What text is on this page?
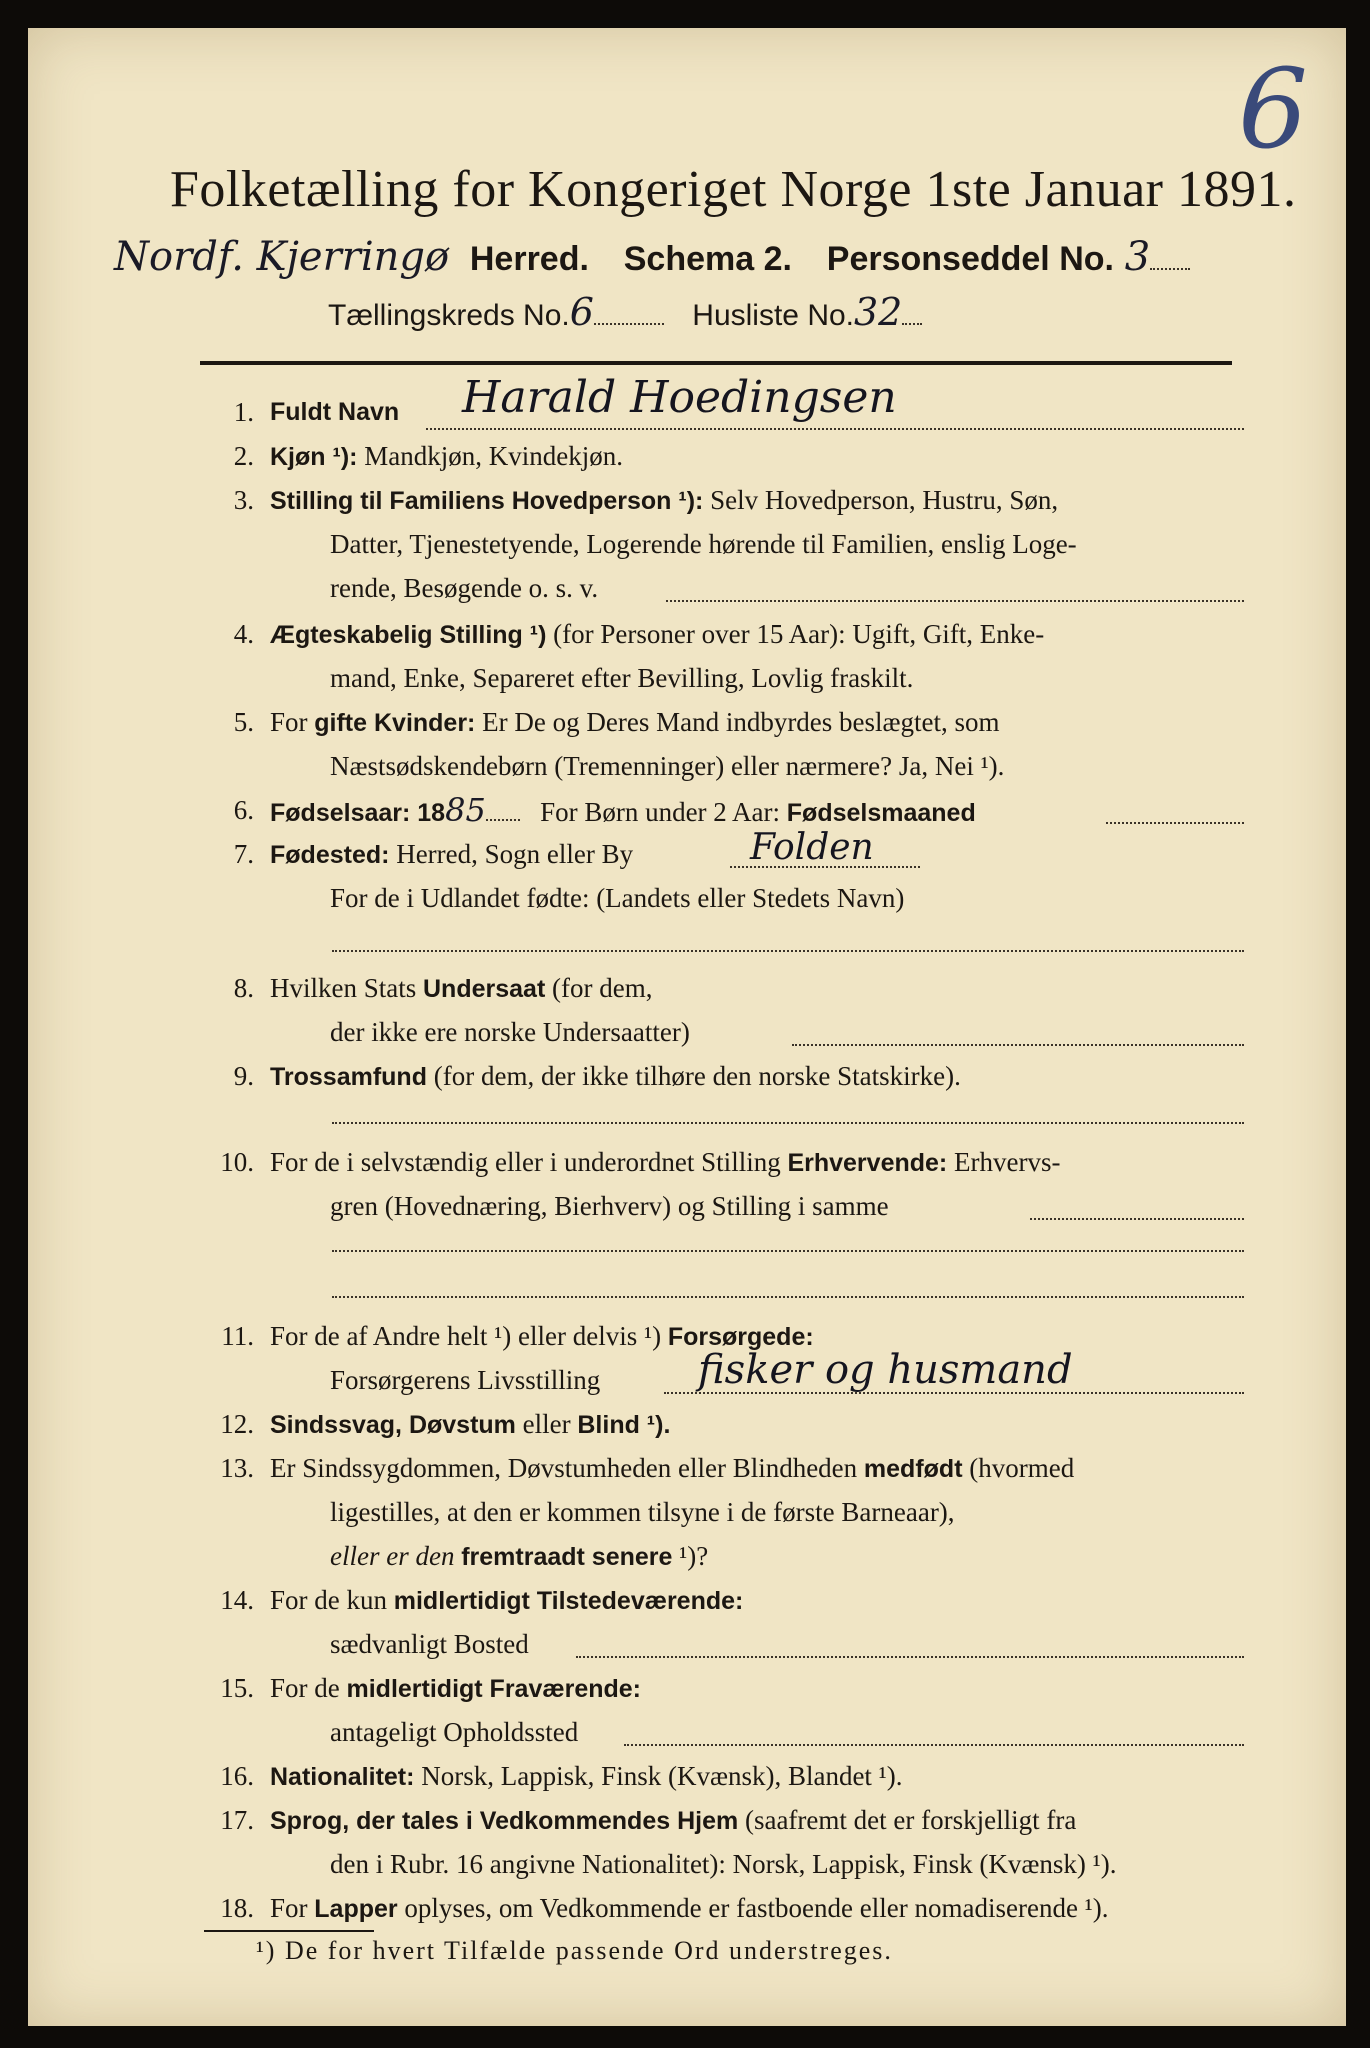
6
Folketælling for Kongeriget Norge 1ste Januar 1891.
Nordf. Kjerringø Herred. Schema 2. Personseddel No. 3
Tællingskreds No.6	Husliste No.32
1. Fuldt Navn Harald Hoedingsen
2. Kjøn ¹): Mandkjøn, Kvindekjøn.
3. Stilling til Familiens Hovedperson ¹): Selv Hovedperson, Hustru, Søn,
Datter, Tjenestetyende, Logerende hørende til Familien, enslig Loge-
rende, Besøgende o. s. v.
4. Ægteskabelig Stilling ¹) (for Personer over 15 Aar): Ugift, Gift, Enke-
mand, Enke, Separeret efter Bevilling, Lovlig fraskilt.
5. For gifte Kvinder: Er De og Deres Mand indbyrdes beslægtet, som
Næstsødskendebørn (Tremenninger) eller nærmere? Ja, Nei ¹).
6. Fødselsaar: 1885 For Børn under 2 Aar: Fødselsmaaned
7. Fødested: Herred, Sogn eller By	Folden
For de i Udlandet fødte: (Landets eller Stedets Navn)
8. Hvilken Stats Undersaat (for dem,
der ikke ere norske Undersaatter)
9. Trossamfund (for dem, der ikke tilhøre den norske Statskirke).
10. For de i selvstændig eller i underordnet Stilling Erhvervende: Erhvervs-
gren (Hovednæring, Bierhverv) og Stilling i samme
11. For de af Andre helt ¹) eller delvis ¹) Forsørgede:
Forsørgerens Livsstilling fisker og husmand
12. Sindssvag, Døvstum eller Blind ¹).
13. Er Sindssygdommen, Døvstumheden eller Blindheden medfødt (hvormed
ligestilles, at den er kommen tilsyne i de første Barneaar),
eller er den fremtraadt senere ¹)?
14. For de kun midlertidigt Tilstedeværende:
sædvanligt Bosted
15. For de midlertidigt Fraværende:
antageligt Opholdssted
16. Nationalitet: Norsk, Lappisk, Finsk (Kvænsk), Blandet ¹).
17. Sprog, der tales i Vedkommendes Hjem (saafremt det er forskjelligt fra
den i Rubr. 16 angivne Nationalitet): Norsk, Lappisk, Finsk (Kvænsk) ¹).
18. For Lapper oplyses, om Vedkommende er fastboende eller nomadiserende ¹).
¹) De for hvert Tilfælde passende Ord understreges.
